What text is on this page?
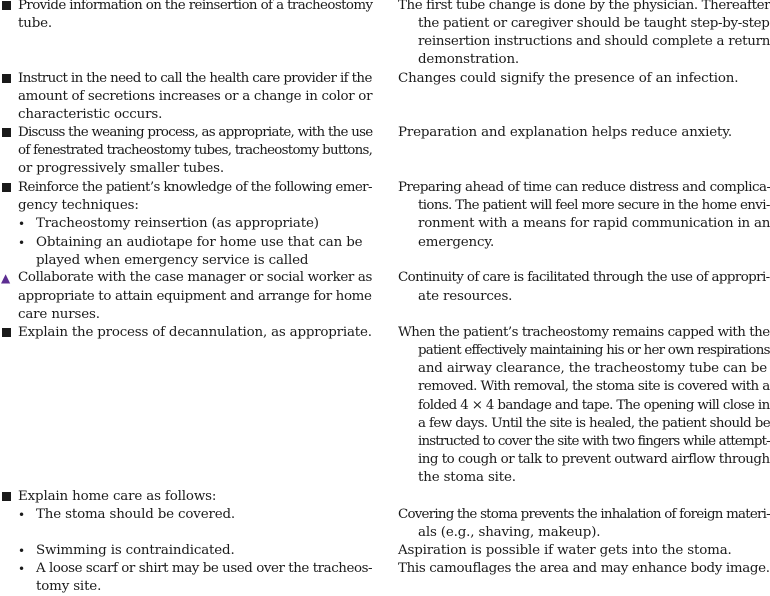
▲
•
•
•
•
•
Provide information on the reinsertion of a tracheostomy
tube.
Instruct in the need to call the health care provider if the
amount of secretions increases or a change in color or
characteristic occurs.
Discuss the weaning process, as appropriate, with the use
of fenestrated tracheostomy tubes, tracheostomy buttons,
or progressively smaller tubes.
Reinforce the patient’s knowledge of the following emer-
gency techniques:
Tracheostomy reinsertion (as appropriate)
Obtaining an audiotape for home use that can be
played when emergency service is called
Collaborate with the case manager or social worker as
appropriate to attain equipment and arrange for home
care nurses.
Explain the process of decannulation, as appropriate.
Explain home care as follows:
The stoma should be covered.
Swimming is contraindicated.
A loose scarf or shirt may be used over the tracheos-
tomy site.
The first tube change is done by the physician. Thereafter
the patient or caregiver should be taught step-by-step
reinsertion instructions and should complete a return
demonstration.
Changes could signify the presence of an infection.
Preparation and explanation helps reduce anxiety.
Preparing ahead of time can reduce distress and complica-
tions. The patient will feel more secure in the home envi-
ronment with a means for rapid communication in an
emergency.
Continuity of care is facilitated through the use of appropri-
ate resources.
When the patient’s tracheostomy remains capped with the
patient effectively maintaining his or her own respirations
and airway clearance, the tracheostomy tube can be
removed. With removal, the stoma site is covered with a
folded 4 × 4 bandage and tape. The opening will close in
a few days. Until the site is healed, the patient should be
instructed to cover the site with two fingers while attempt-
ing to cough or talk to prevent outward airflow through
the stoma site.
Covering the stoma prevents the inhalation of foreign materi-
als (e.g., shaving, makeup).
Aspiration is possible if water gets into the stoma.
This camouflages the area and may enhance body image.
